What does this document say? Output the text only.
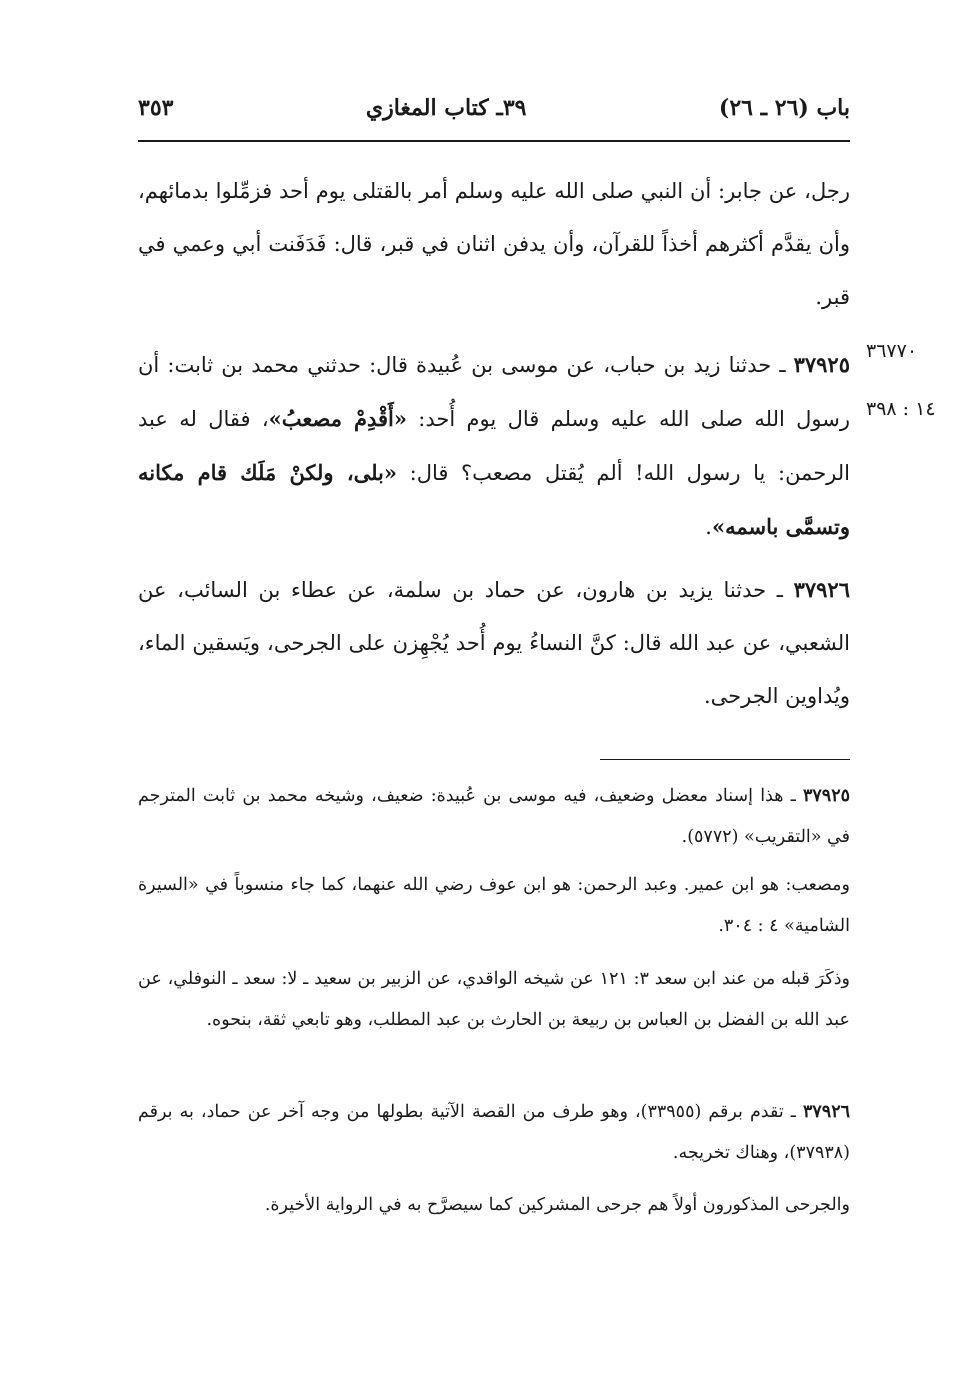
باب (٢٦ ـ ٢٦)
٣٩ـ كتاب المغازي
٣٥٣
رجل، عن جابر: أن النبي صلى الله عليه وسلم أمر بالقتلى يوم أحد فزمِّلوا بدمائهم، وأن يقدَّم أكثرهم أخذاً للقرآن، وأن يدفن اثنان في قبر، قال: فَدَفَنت أبي وعمي في قبر.
٣٧٩٢٥ ـ حدثنا زيد بن حباب، عن موسى بن عُبيدة قال: حدثني محمد بن ثابت: أن رسول الله صلى الله عليه وسلم قال يوم أُحد: «أَقْدِمْ مصعبُ»، فقال له عبد الرحمن: يا رسول الله! ألم يُقتل مصعب؟ قال: «بلى، ولكنْ مَلَك قام مكانه وتسمَّى باسمه».
٣٦٧٧٠
١٤ : ٣٩٨
٣٧٩٢٦ ـ حدثنا يزيد بن هارون، عن حماد بن سلمة، عن عطاء بن السائب، عن الشعبي، عن عبد الله قال: كنَّ النساءُ يوم أُحد يُجْهِزن على الجرحى، ويَسقين الماء، ويُداوين الجرحى.
٣٧٩٢٥ ـ هذا إسناد معضل وضعيف، فيه موسى بن عُبيدة: ضعيف، وشيخه محمد بن ثابت المترجم في «التقريب» (٥٧٧٢).
ومصعب: هو ابن عمير. وعبد الرحمن: هو ابن عوف رضي الله عنهما، كما جاء منسوباً في «السيرة الشامية» ٤ : ٣٠٤.
وذكَرَ قبله من عند ابن سعد ٣: ١٢١ عن شيخه الواقدي، عن الزبير بن سعيد ـ لا: سعد ـ النوفلي، عن عبد الله بن الفضل بن العباس بن ربيعة بن الحارث بن عبد المطلب، وهو تابعي ثقة، بنحوه.
٣٧٩٢٦ ـ تقدم برقم (٣٣٩٥٥)، وهو طرف من القصة الآتية بطولها من وجه آخر عن حماد، به برقم (٣٧٩٣٨)، وهناك تخريجه.
والجرحى المذكورون أولاً هم جرحى المشركين كما سيصرَّح به في الرواية الأخيرة.
